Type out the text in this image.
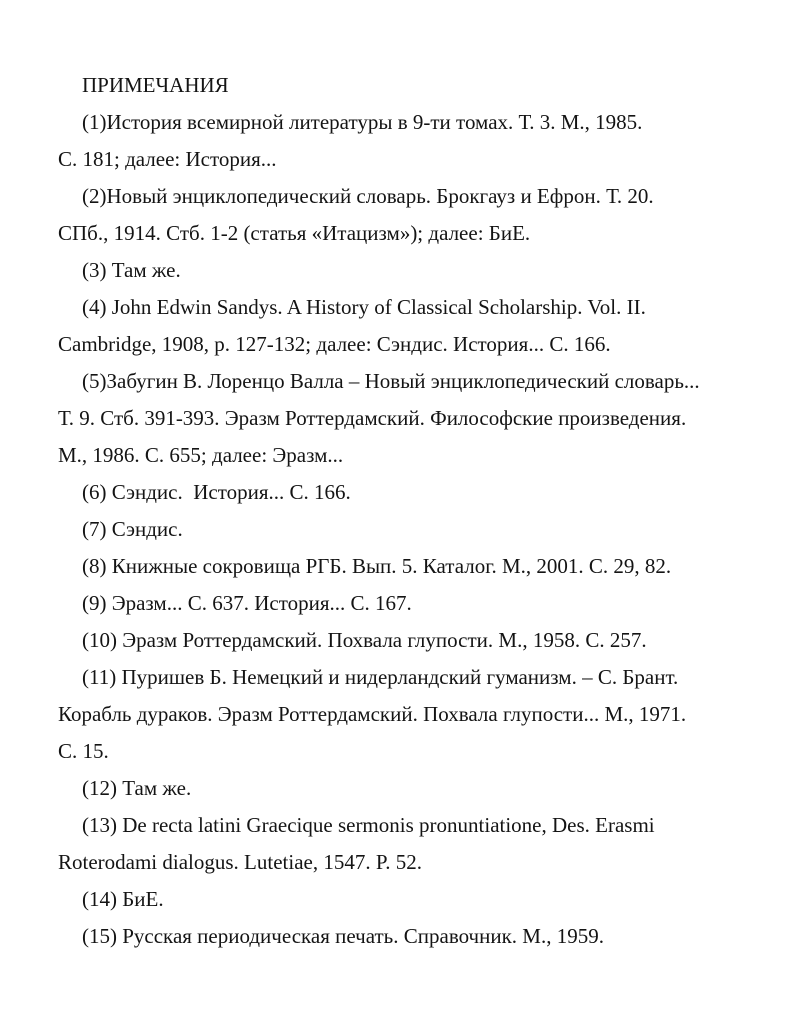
ПРИМЕЧАНИЯ
(1)История всемирной литературы в 9-ти томах. Т. 3. М., 1985.
С. 181; далее: История...
(2)Новый энциклопедический словарь. Брокгауз и Ефрон. Т. 20.
СПб., 1914. Стб. 1-2 (статья «Итацизм»); далее: БиЕ.
(3) Там же.
(4) John Edwin Sandys. A History of Classical Scholarship. Vol. II.
Cambridge, 1908, p. 127-132; далее: Сэндис. История... С. 166.
(5)Забугин В. Лоренцо Валла – Новый энциклопедический словарь...
Т. 9. Стб. 391-393. Эразм Роттердамский. Философские произведения.
М., 1986. С. 655; далее: Эразм...
(6) Сэндис.  История... С. 166.
(7) Сэндис.
(8) Книжные сокровища РГБ. Вып. 5. Каталог. М., 2001. С. 29, 82.
(9) Эразм... С. 637. История... С. 167.
(10) Эразм Роттердамский. Похвала глупости. М., 1958. С. 257.
(11) Пуришев Б. Немецкий и нидерландский гуманизм. – С. Брант.
Корабль дураков. Эразм Роттердамский. Похвала глупости... М., 1971.
С. 15.
(12) Там же.
(13) De recta latini Graecique sermonis pronuntiatione, Des. Erasmi
Roterodami dialogus. Lutetiae, 1547. P. 52.
(14) БиЕ.
(15) Русская периодическая печать. Справочник. М., 1959.
